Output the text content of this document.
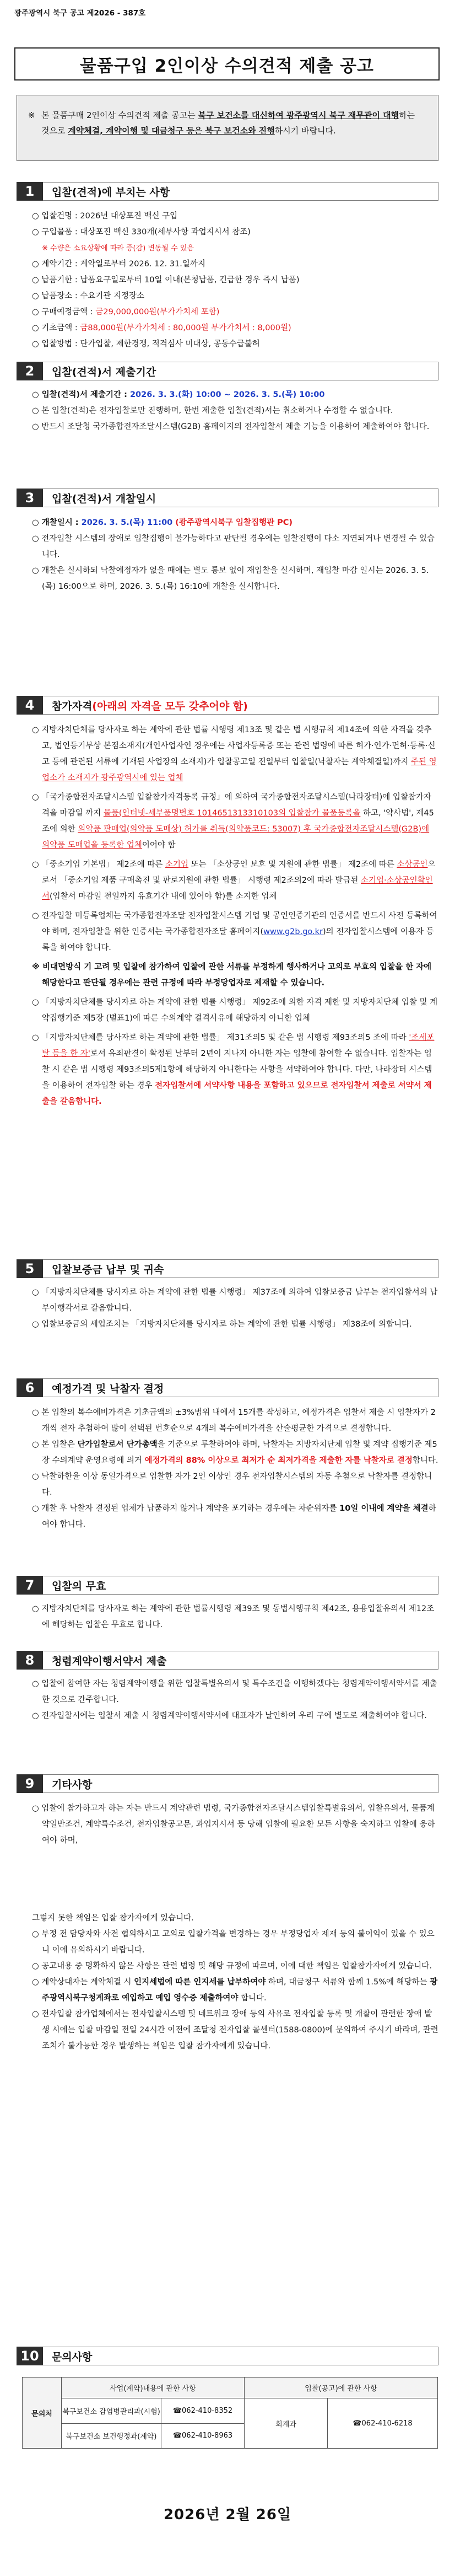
광주광역시 북구 공고 제2026 - 387호
물품구입 2인이상 수의견적 제출 공고
※ 본 물품구매 2인이상 수의견적 제출 공고는 북구 보건소를 대신하여 광주광역시 북구 재무관이 대행하는 것으로 계약체결, 계약이행 및 대금청구 등은 북구 보건소와 진행하시기 바랍니다.
1	입찰(견적)에 부치는 사항

○ 입찰건명 : 2026년 대상포진 백신 구입

○ 구입물품 : 대상포진 백신 330개(세부사항 과업지시서 참조)

※ 수량은 소요상황에 따라 증(감) 변동될 수 있음

○ 계약기간 : 계약일로부터 2026. 12. 31.일까지

○ 납품기한 : 납품요구일로부터 10일 이내(본청납품, 긴급한 경우 즉시 납품)

○ 납품장소 : 수요기관 지정장소

○ 구매예정금액 : 금29,000,000원(부가가치세 포함)

○ 기초금액 : 금88,000원(부가가치세 : 80,000원 부가가치세 : 8,000원)

○ 입찰방법 : 단가입찰, 제한경쟁, 적격심사 미대상, 공동수급불허

2	입찰(견적)서 제출기간

○ 입찰(견적)서 제출기간 : 2026. 3. 3.(화) 10:00 ~ 2026. 3. 5.(목) 10:00

○ 본 입찰(견적)은 전자입찰로만 진행하며, 한번 제출한 입찰(견적)서는 취소하거나 수정할 수 없습니다.

○ 반드시 조달청 국가종합전자조달시스템(G2B) 홈페이지의 전자입찰서 제출 기능을 이용하여 제출하여야 합니다.

3	입찰(견적)서 개찰일시

○ 개찰일시 : 2026. 3. 5.(목) 11:00 (광주광역시북구 입찰집행관 PC)

○ 전자입찰 시스템의 장애로 입찰집행이 불가능하다고 판단될 경우에는 입찰진행이 다소 지연되거나 변경될 수 있습니다.

○ 개찰은 실시하되 낙찰예정자가 없을 때에는 별도 통보 없이 재입찰을 실시하며, 재입찰 마감 일시는 2026. 3. 5.(목) 16:00으로 하며, 2026. 3. 5.(목) 16:10에 개찰을 실시합니다.

4	참가자격(아래의 자격을 모두 갖추어야 함)

○ 지방자치단체를 당사자로 하는 계약에 관한 법률 시행령 제13조 및 같은 법 시행규칙 제14조에 의한 자격을 갖추고, 법인등기부상 본점소재지(개인사업자인 경우에는 사업자등록증 또는 관련 법령에 따른 허가·인가·면허·등록·신고 등에 관련된 서류에 기재된 사업장의 소재지)가 입찰공고일 전일부터 입찰일(낙찰자는 계약체결일)까지 주된 영업소가 소재지가 광주광역시에 있는 업체

○ 「국가종합전자조달시스템 입찰참가자격등록 규정」에 의하여 국가종합전자조달시스템(나라장터)에 입찰참가자격을 마감일 까지 물품(인터넷-세부품명번호 1014651313310103의 입찰참가 물품등록을 하고, '약사법', 제45조에 의한 의약품 판매업(의약품 도매상) 허가를 취득(의약품코드: 53007) 후 국가종합전자조달시스템(G2B)에 의약품 도매업을 등록한 업체이어야 함

○ 「중소기업 기본법」 제2조에 따른 소기업 또는 「소상공인 보호 및 지원에 관한 법률」 제2조에 따른 소상공인으로서 「중소기업 제품 구매촉진 및 판로지원에 관한 법률」 시행령 제2조의2에 따라 발급된 소기업·소상공인확인서(입찰서 마감일 전일까지 유효기간 내에 있어야 함)를 소지한 업체

○ 전자입찰 미등록업체는 국가종합전자조달 전자입찰시스템 기업 및 공인인증기관의 인증서를 반드시 사전 등록하여야 하며, 전자입찰을 위한 인증서는 국가종합전자조달 홈페이지(www.g2b.go.kr)의 전자입찰시스템에 이용자 등록을 하여야 합니다.

※ 비대면방식 기 고려 및 입찰에 참가하여 입찰에 관한 서류를 부정하게 행사하거나 고의로 부효의 입찰을 한 자에 해당한다고 판단될 경우에는 관련 규정에 따라 부정당업자로 제재할 수 있습니다.

○ 「지방자치단체를 당사자로 하는 계약에 관한 법률 시행령」 제92조에 의한 자격 제한 및 지방자치단체 입찰 및 계약집행기준 제5장 (별표1)에 따른 수의계약 결격사유에 해당하지 아니한 업체

○ 「지방자치단체를 당사자로 하는 계약에 관한 법률」 제31조의5 및 같은 법 시행령 제93조의5 조에 따라 '조세포탈 등을 한 자'로서 유죄판결이 확정된 날부터 2년이 지나지 아니한 자는 입찰에 참여할 수 없습니다. 입찰자는 입찰 시 같은 법 시행령 제93조의5제1항에 해당하지 아니한다는 사항을 서약하여야 합니다. 다만, 나라장터 시스템을 이용하여 전자입찰 하는 경우 전자입찰서에 서약사항 내용을 포함하고 있으므로 전자입찰서 제출로 서약서 제출을 갈음합니다.

5	입찰보증금 납부 및 귀속

○ 「지방자치단체를 당사자로 하는 계약에 관한 법률 시행령」 제37조에 의하여 입찰보증금 납부는 전자입찰서의 납부이행각서로 갈음합니다.

○ 입찰보증금의 세입조치는 「지방자치단체를 당사자로 하는 계약에 관한 법률 시행령」 제38조에 의합니다.

6	예정가격 및 낙찰자 결정

○ 본 입찰의 복수예비가격은 기초금액의 ±3%범위 내에서 15개를 작성하고, 예정가격은 입찰서 제출 시 입찰자가 2개씩 전자 추첨하여 많이 선택된 번호순으로 4개의 복수예비가격을 산술평균한 가격으로 결정합니다.

○ 본 입찰은 단가입찰로서 단가총액을 기준으로 투찰하여야 하며, 낙찰자는 지방자치단체 입찰 및 계약 집행기준 제5장 수의계약 운영요령에 의거 예정가격의 88% 이상으로 최저가 순 최저가격을 제출한 자를 낙찰자로 결정합니다.

○ 낙찰하한율 이상 동일가격으로 입찰한 자가 2인 이상인 경우 전자입찰시스템의 자동 추첨으로 낙찰자를 결정합니다.

○ 개찰 후 낙찰자 결정된 업체가 납품하지 않거나 계약을 포기하는 경우에는 차순위자를 10일 이내에 계약을 체결하여야 합니다.

7	입찰의 무효

○ 지방자치단체를 당사자로 하는 계약에 관한 법률시행령 제39조 및 동법시행규칙 제42조, 용용입찰유의서 제12조에 해당하는 입찰은 무효로 합니다.

8	청렴계약이행서약서 제출

○ 입찰에 참여한 자는 청렴계약이행을 위한 입찰특별유의서 및 특수조건을 이행하겠다는 청렴계약이행서약서를 제출한 것으로 간주합니다.

○ 전자입찰시에는 입찰서 제출 시 청렴계약이행서약서에 대표자가 날인하여 우리 구에 별도로 제출하여야 합니다.

9	기타사항

○ 입찰에 참가하고자 하는 자는 반드시 계약관련 법령, 국가종합전자조달시스템입찰특별유의서, 입찰유의서, 물품계약일반조건, 계약특수조건, 전자입찰공고문, 과업지시서 등 당해 입찰에 필요한 모든 사항을 숙지하고 입찰에 응하여야 하며,

그렇지 못한 책임은 입찰 참가자에게 있습니다.

○ 부정 전 담당자와 사전 협의하시고 고의로 입찰가격을 변경하는 경우 부정당업자 제재 등의 불이익이 있을 수 있으니 이에 유의하시기 바랍니다.

○ 공고내용 중 명확하지 않은 사항은 관련 법령 및 해당 규정에 따르며, 이에 대한 책임은 입찰참가자에게 있습니다.

○ 계약상대자는 계약체결 시 인지세법에 따른 인지세를 납부하여야 하며, 대금청구 서류와 함께 1.5%에 해당하는 광주광역시북구청계좌로 예입하고 예입 영수증 제출하여야 합니다.

○ 전자입찰 참가업체에서는 전자입찰시스템 및 네트워크 장애 등의 사유로 전자입찰 등록 및 개찰이 관련한 장애 발생 시에는 입찰 마감일 전일 24시간 이전에 조달청 전자입찰 콜센터(1588-0800)에 문의하여 주시기 바라며, 관련 조치가 불가능한 경우 발생하는 책임은 입찰 참가자에게 있습니다.

10	문의사항
문의처	사업(계약)내용에 관한 사항		입찰(공고)에 관한 사항	
	북구보건소 감염병관리과(시험)	☎062-410-8352	회계과	☎062-410-6218
	북구보건소 보건행정과(계약)	☎062-410-8963		
2026년 2월 26일
